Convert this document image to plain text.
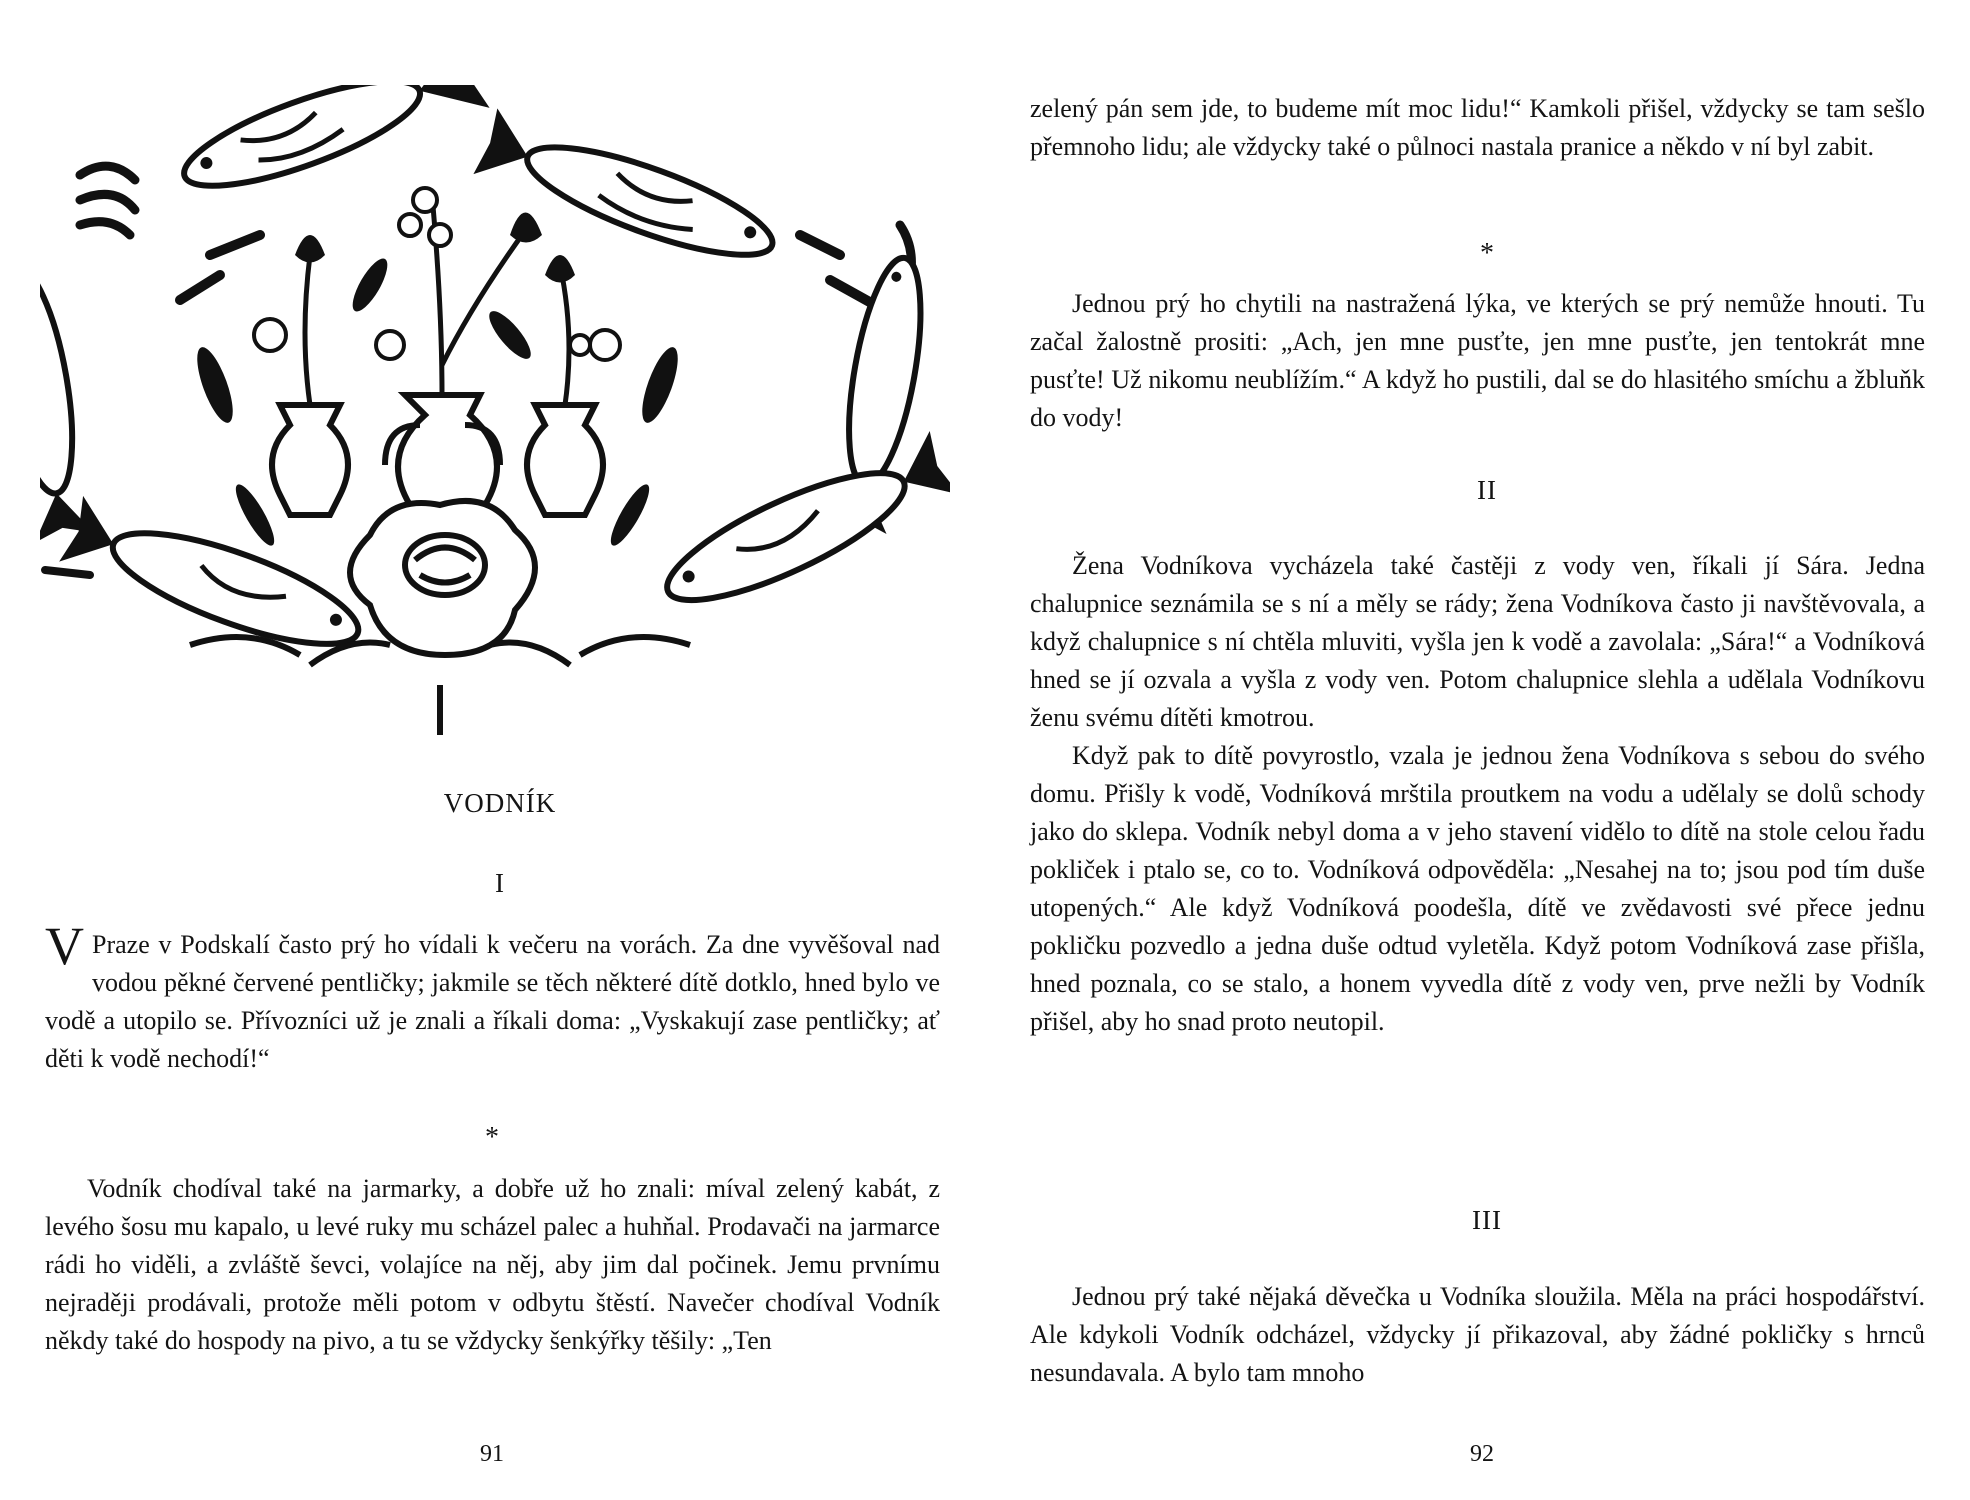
VODNÍK
I

V Praze v Podskalí často prý ho vídali k večeru na vorách. Za dne vyvěšoval nad vodou pěkné červené pentličky; jakmile se těch některé dítě dotklo, hned bylo ve vodě a utopilo se. Přívozníci už je znali a říkali doma: „Vyskakují zase pentličky; ať děti k vodě nechodí!“

*

Vodník chodíval také na jarmarky, a dobře už ho znali: míval zelený kabát, z levého šosu mu kapalo, u levé ruky mu scházel palec a huhňal. Prodavači na jarmarce rádi ho viděli, a zvláště ševci, volajíce na něj, aby jim dal počinek. Jemu prvnímu nejraději prodávali, protože měli potom v odbytu štěstí. Navečer chodíval Vodník někdy také do hospody na pivo, a tu se vždycky šenkýřky těšily: „Ten

91

zelený pán sem jde, to budeme mít moc lidu!“ Kamkoli přišel, vždycky se tam sešlo přemnoho lidu; ale vždycky také o půlnoci nastala pranice a někdo v ní byl zabit.

*

Jednou prý ho chytili na nastražená lýka, ve kterých se prý nemůže hnouti. Tu začal žalostně prositi: „Ach, jen mne pusťte, jen mne pusťte, jen tentokrát mne pusťte! Už nikomu neublížím.“ A když ho pustili, dal se do hlasitého smíchu a žbluňk do vody!

II

Žena Vodníkova vycházela také častěji z vody ven, říkali jí Sára. Jedna chalupnice seznámila se s ní a měly se rády; žena Vodníkova často ji navštěvovala, a když chalupnice s ní chtěla mluviti, vyšla jen k vodě a zavolala: „Sára!“ a Vodníková hned se jí ozvala a vyšla z vody ven. Potom chalupnice slehla a udělala Vodníkovu ženu svému dítěti kmotrou.

Když pak to dítě povyrostlo, vzala je jednou žena Vodníkova s sebou do svého domu. Přišly k vodě, Vodníková mrštila proutkem na vodu a udělaly se dolů schody jako do sklepa. Vodník nebyl doma a v jeho stavení vidělo to dítě na stole celou řadu pokliček i ptalo se, co to. Vodníková odpověděla: „Nesahej na to; jsou pod tím duše utopených.“ Ale když Vodníková poodešla, dítě ve zvědavosti své přece jednu pokličku pozvedlo a jedna duše odtud vyletěla. Když potom Vodníková zase přišla, hned poznala, co se stalo, a honem vyvedla dítě z vody ven, prve nežli by Vodník přišel, aby ho snad proto neutopil.

III

Jednou prý také nějaká děvečka u Vodníka sloužila. Měla na práci hospodářství. Ale kdykoli Vodník odcházel, vždycky jí přikazoval, aby žádné pokličky s hrnců nesundavala. A bylo tam mnoho

92
